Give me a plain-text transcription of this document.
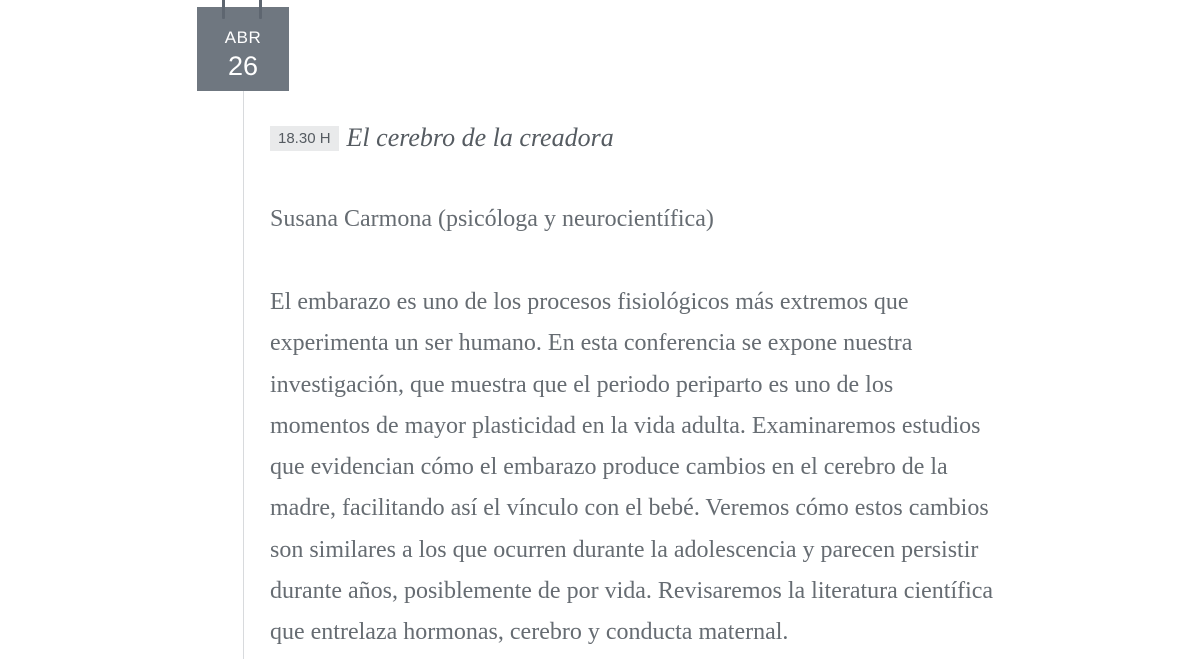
ABR
26
18.30 H El cerebro de la creadora
Susana Carmona (psicóloga y neurocientífica)

El embarazo es uno de los procesos fisiológicos más extremos que experimenta un ser humano. En esta conferencia se expone nuestra investigación, que muestra que el periodo periparto es uno de los momentos de mayor plasticidad en la vida adulta. Examinaremos estudios que evidencian cómo el embarazo produce cambios en el cerebro de la madre, facilitando así el vínculo con el bebé. Veremos cómo estos cambios son similares a los que ocurren durante la adolescencia y parecen persistir durante años, posiblemente de por vida. Revisaremos la literatura científica que entrelaza hormonas, cerebro y conducta maternal.
